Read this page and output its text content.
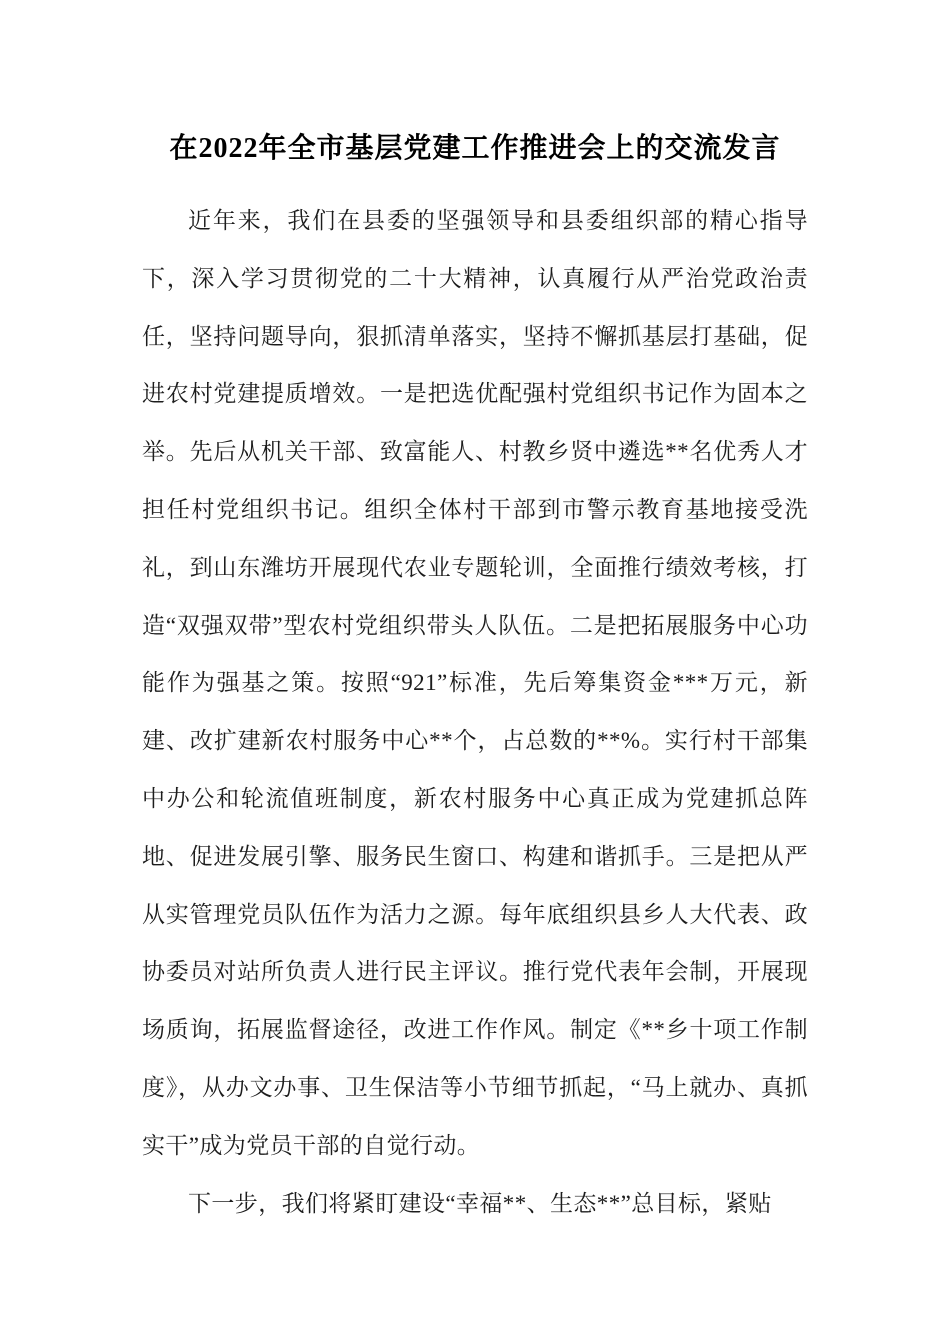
在2022年全市基层党建工作推进会上的交流发言

近年来，我们在县委的坚强领导和县委组织部的精心指导下，深入学习贯彻党的二十大精神，认真履行从严治党政治责任，坚持问题导向，狠抓清单落实，坚持不懈抓基层打基础，促进农村党建提质增效。一是把选优配强村党组织书记作为固本之举。先后从机关干部、致富能人、村教乡贤中遴选**名优秀人才担任村党组织书记。组织全体村干部到市警示教育基地接受洗礼，到山东潍坊开展现代农业专题轮训，全面推行绩效考核，打造“双强双带”型农村党组织带头人队伍。二是把拓展服务中心功能作为强基之策。按照“921”标准，先后筹集资金***万元，新建、改扩建新农村服务中心**个，占总数的**%。实行村干部集中办公和轮流值班制度，新农村服务中心真正成为党建抓总阵地、促进发展引擎、服务民生窗口、构建和谐抓手。三是把从严从实管理党员队伍作为活力之源。每年底组织县乡人大代表、政协委员对站所负责人进行民主评议。推行党代表年会制，开展现场质询，拓展监督途径，改进工作作风。制定《**乡十项工作制度》，从办文办事、卫生保洁等小节细节抓起，“马上就办、真抓实干”成为党员干部的自觉行动。

下一步，我们将紧盯建设“幸福**、生态**”总目标，紧贴
